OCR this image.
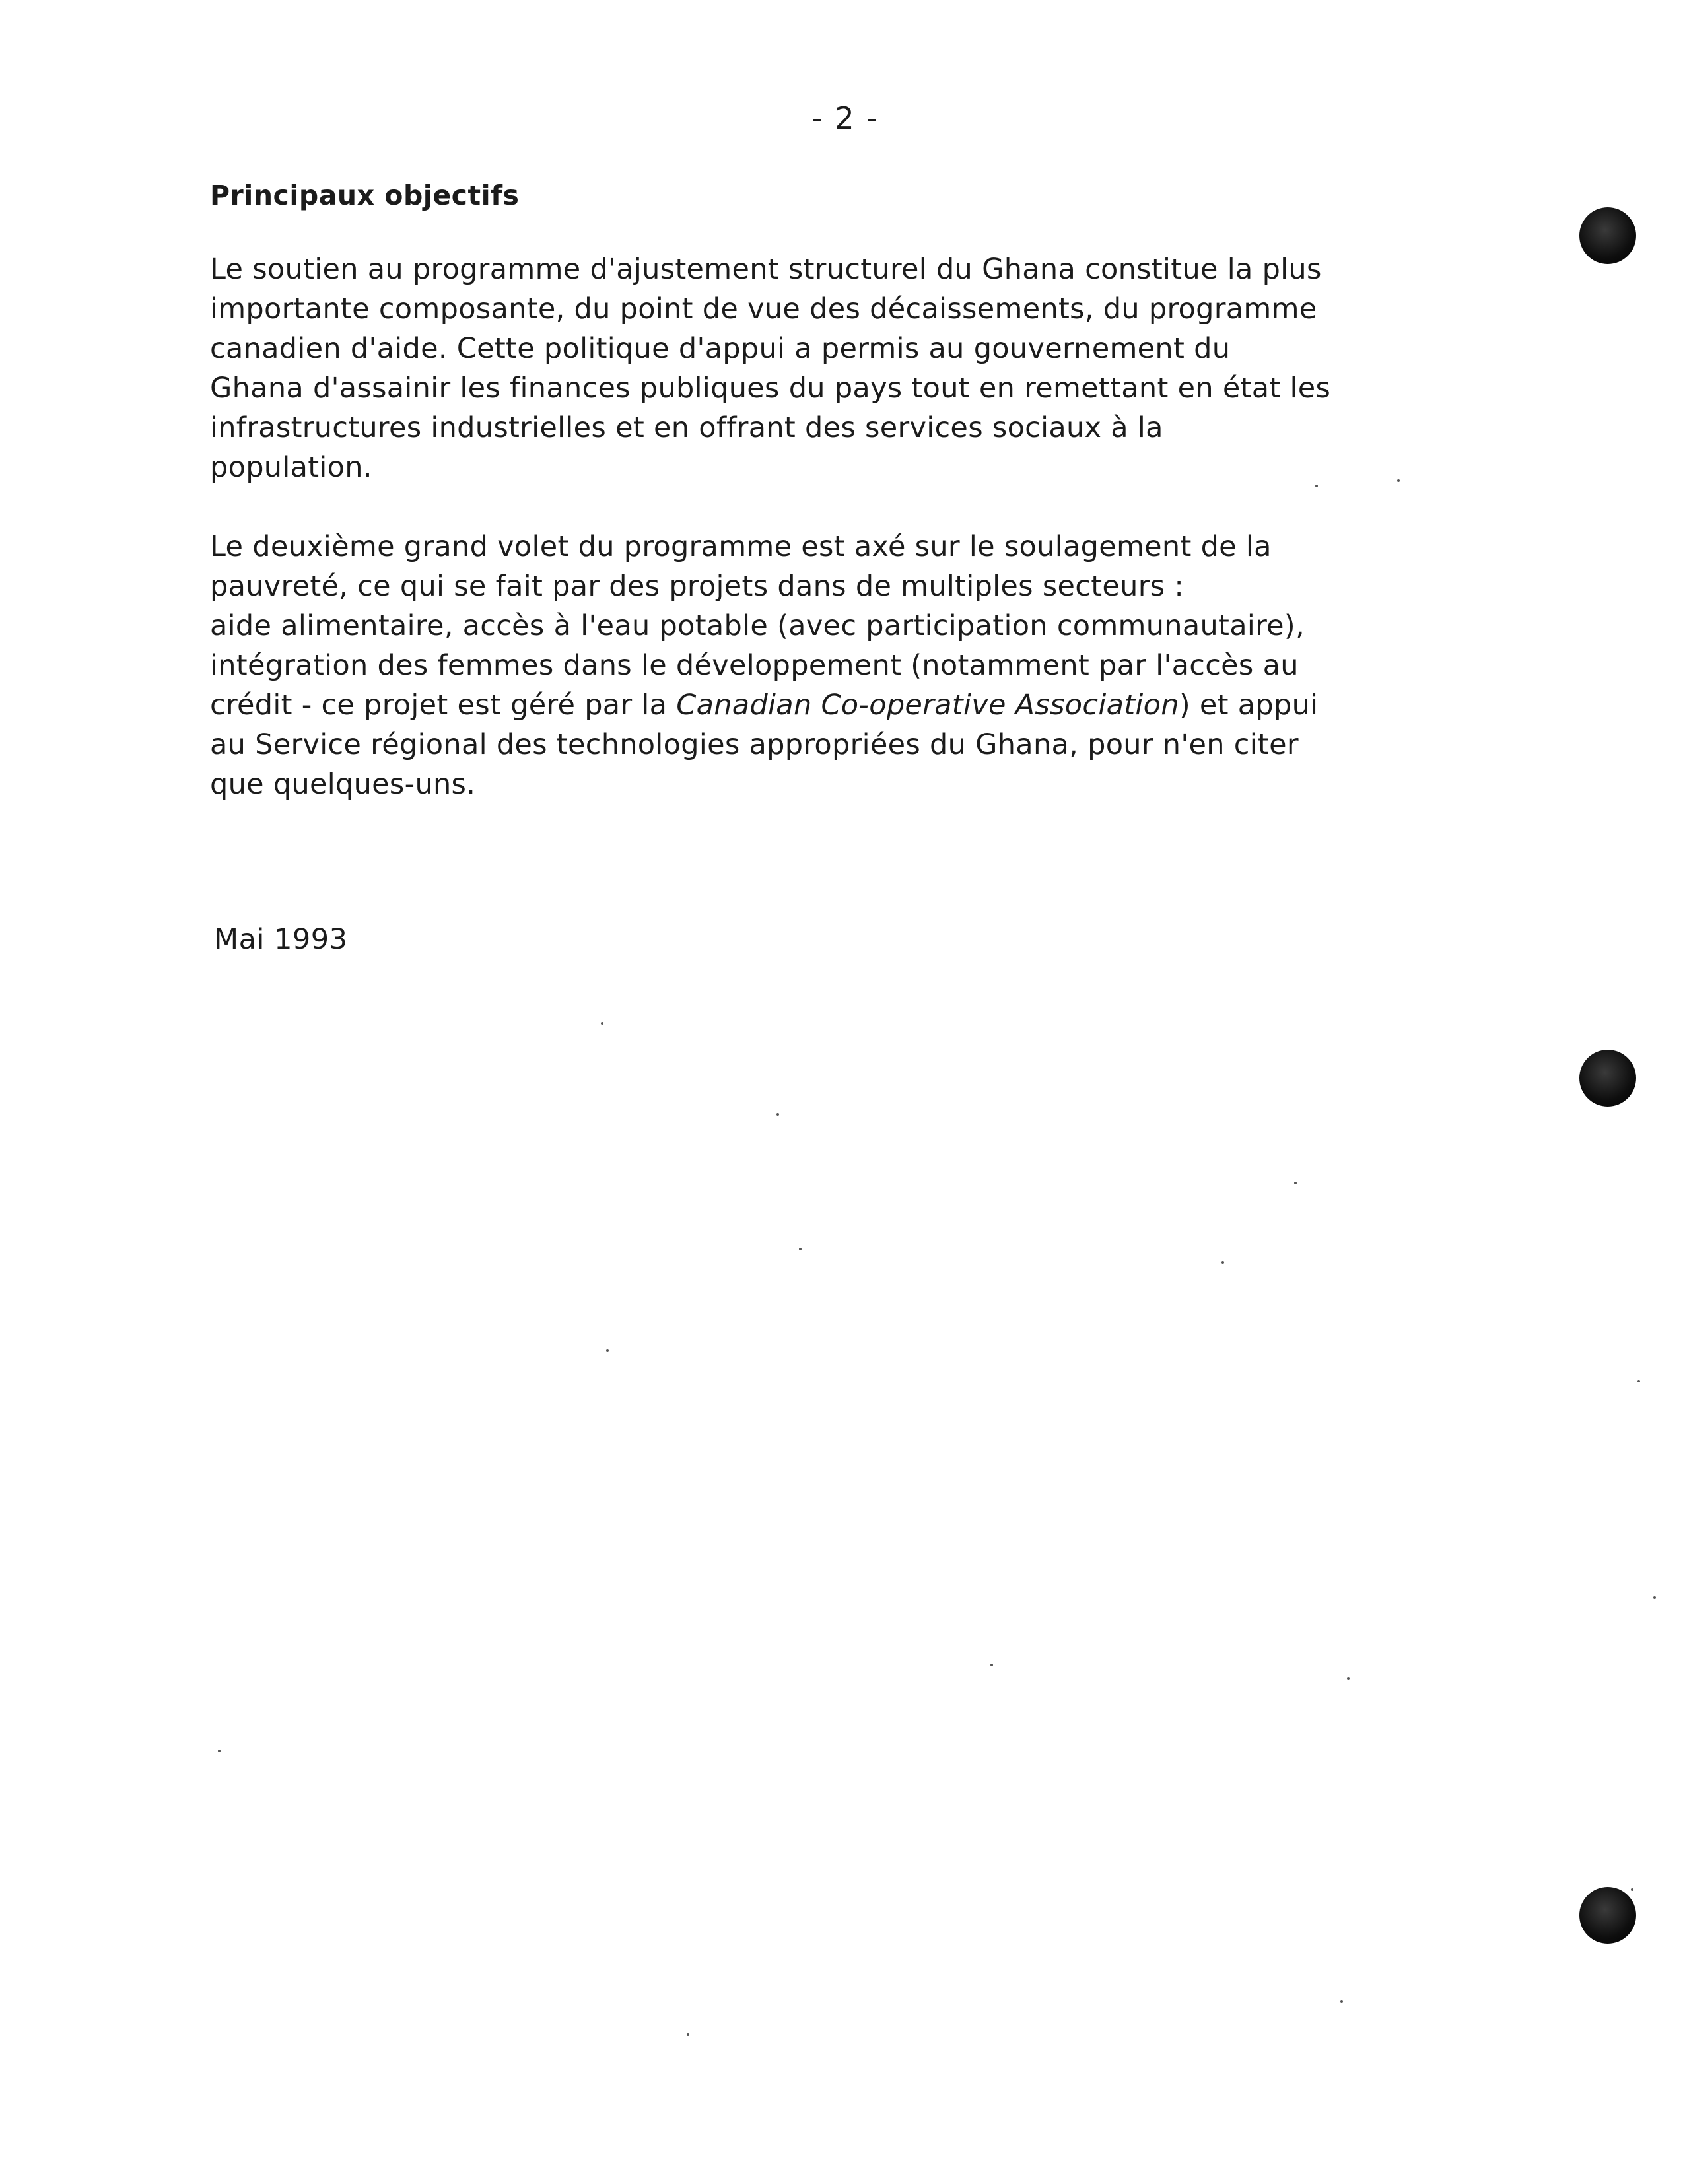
- 2 -
Principaux objectifs
Le soutien au programme d'ajustement structurel du Ghana constitue la plus
importante composante, du point de vue des décaissements, du programme
canadien d'aide. Cette politique d'appui a permis au gouvernement du
Ghana d'assainir les finances publiques du pays tout en remettant en état les
infrastructures industrielles et en offrant des services sociaux à la
population.
Le deuxième grand volet du programme est axé sur le soulagement de la
pauvreté, ce qui se fait par des projets dans de multiples secteurs :
aide alimentaire, accès à l'eau potable (avec participation communautaire),
intégration des femmes dans le développement (notamment par l'accès au
crédit - ce projet est géré par la Canadian Co-operative Association) et appui
au Service régional des technologies appropriées du Ghana, pour n'en citer
que quelques-uns.
Mai 1993
